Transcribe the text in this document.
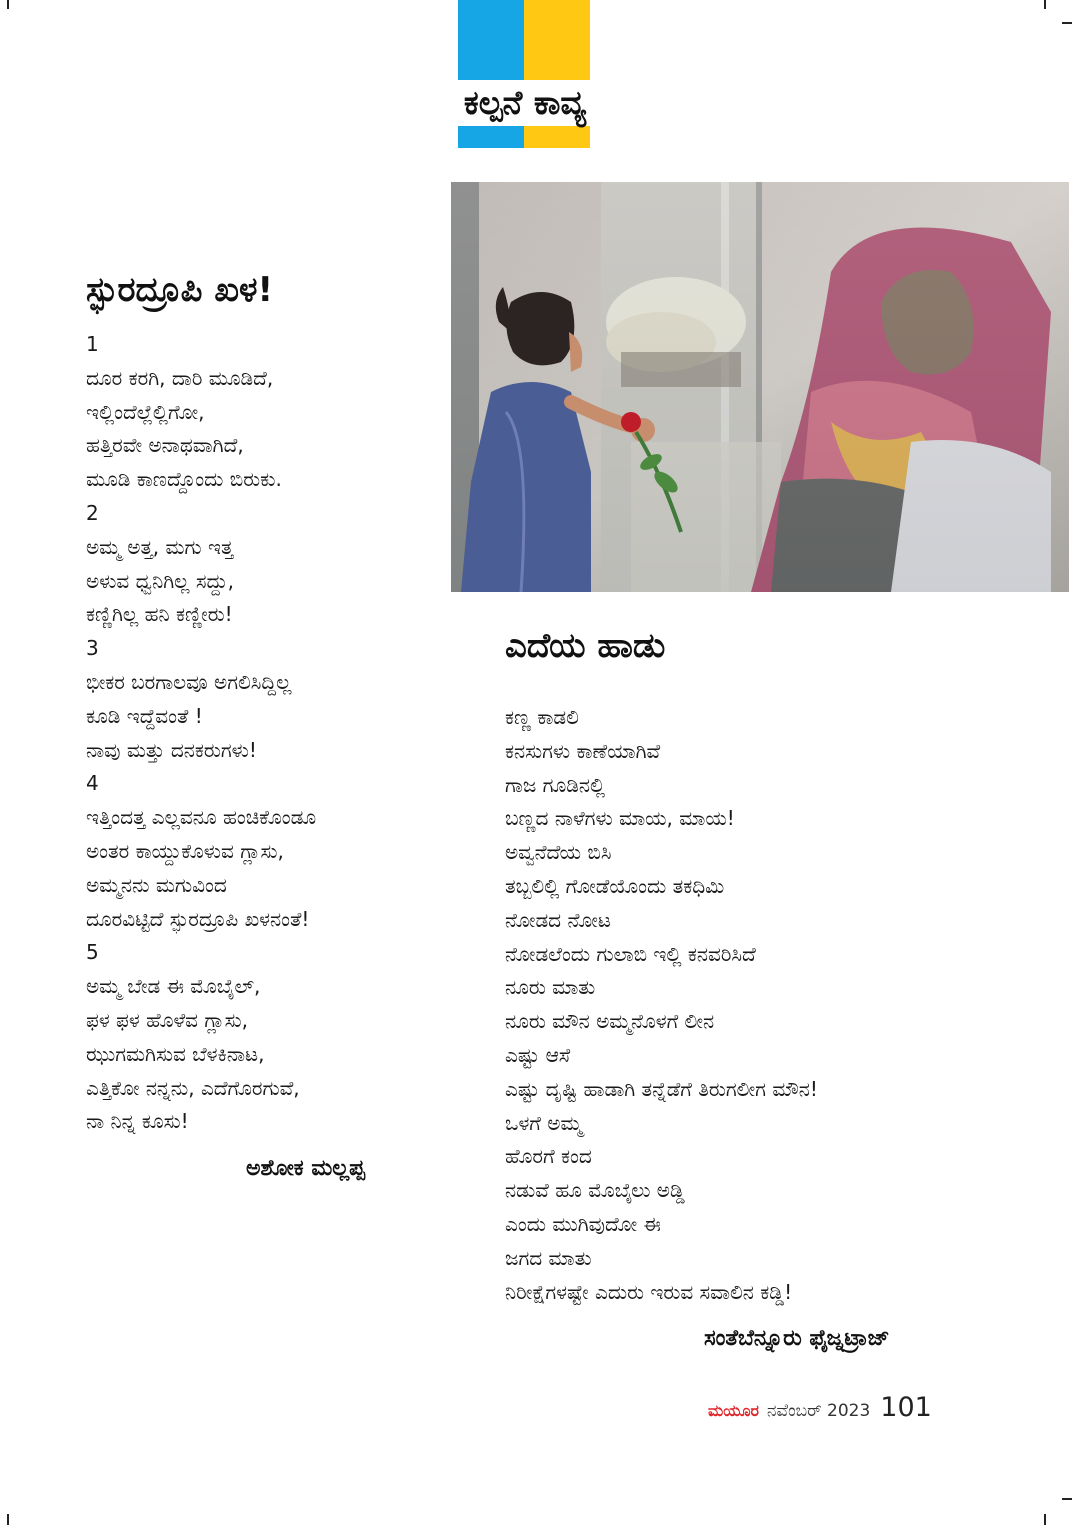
ಕಲ್ಪನೆ ಕಾವ್ಯ
ಸ್ಫುರದ್ರೂಪಿ ಖಳ!
1
ದೂರ ಕರಗಿ, ದಾರಿ ಮೂಡಿದೆ,
ಇಲ್ಲಿಂದೆಲ್ಲೆಲ್ಲಿಗೋ,
ಹತ್ತಿರವೇ ಅನಾಥವಾಗಿದೆ,
ಮೂಡಿ ಕಾಣದ್ದೊಂದು ಬಿರುಕು.
2
ಅಮ್ಮ ಅತ್ತ, ಮಗು ಇತ್ತ
ಅಳುವ ಧ್ವನಿಗಿಲ್ಲ ಸದ್ದು,
ಕಣ್ಣಿಗಿಲ್ಲ ಹನಿ ಕಣ್ಣೀರು!
3
ಭೀಕರ ಬರಗಾಲವೂ ಅಗಲಿಸಿದ್ದಿಲ್ಲ
ಕೂಡಿ ಇದ್ದೆವಂತೆ !
ನಾವು ಮತ್ತು ದನಕರುಗಳು!
4
ಇತ್ತಿಂದತ್ತ ಎಲ್ಲವನೂ ಹಂಚಿಕೊಂಡೂ
ಅಂತರ ಕಾಯ್ದುಕೊಳುವ ಗ್ಲಾಸು,
ಅಮ್ಮನನು ಮಗುವಿಂದ
ದೂರವಿಟ್ಟಿದೆ ಸ್ಫುರದ್ರೂಪಿ ಖಳನಂತೆ!
5
ಅಮ್ಮ ಬೇಡ ಈ ಮೊಬೈಲ್,
ಫಳ ಫಳ ಹೊಳೆವ ಗ್ಲಾಸು,
ಝುಗಮಗಿಸುವ ಬೆಳಕಿನಾಟ,
ಎತ್ತಿಕೋ ನನ್ನನು, ಎದೆಗೊರಗುವೆ,
ನಾ ನಿನ್ನ ಕೂಸು!
ಅಶೋಕ ಮಲ್ಲಪ್ಪ
ಎದೆಯ ಹಾಡು
ಕಣ್ಣ ಕಾಡಲಿ
ಕನಸುಗಳು ಕಾಣೆಯಾಗಿವೆ
ಗಾಜ ಗೂಡಿನಲ್ಲಿ
ಬಣ್ಣದ ನಾಳೆಗಳು ಮಾಯ, ಮಾಯ!
ಅವ್ವನೆದೆಯ ಬಿಸಿ
ತಬ್ಬಲಿಲ್ಲಿ ಗೋಡೆಯೊಂದು ತಕಧಿಮಿ
ನೋಡದ ನೋಟ
ನೋಡಲೆಂದು ಗುಲಾಬಿ ಇಲ್ಲಿ ಕನವರಿಸಿದೆ
ನೂರು ಮಾತು
ನೂರು ಮೌನ ಅಮ್ಮನೊಳಗೆ ಲೀನ
ಎಷ್ಟು ಆಸೆ
ಎಷ್ಟು ದೃಷ್ಟಿ ಹಾಡಾಗಿ ತನ್ನೆಡೆಗೆ ತಿರುಗಲೀಗ ಮೌನ!
ಒಳಗೆ ಅಮ್ಮ
ಹೊರಗೆ ಕಂದ
ನಡುವೆ ಹೂ ಮೊಬೈಲು ಅಡ್ಡಿ
ಎಂದು ಮುಗಿವುದೋ ಈ
ಜಗದ ಮಾತು
ನಿರೀಕ್ಷೆಗಳಷ್ಟೇ ಎದುರು ಇರುವ ಸವಾಲಿನ ಕಡ್ಡಿ!
ಸಂತೆಬೆನ್ನೂರು ಫೈಜ್ನಟ್ರಾಜ್
ಮಯೂರ ನವೆಂಬರ್ 2023 101
